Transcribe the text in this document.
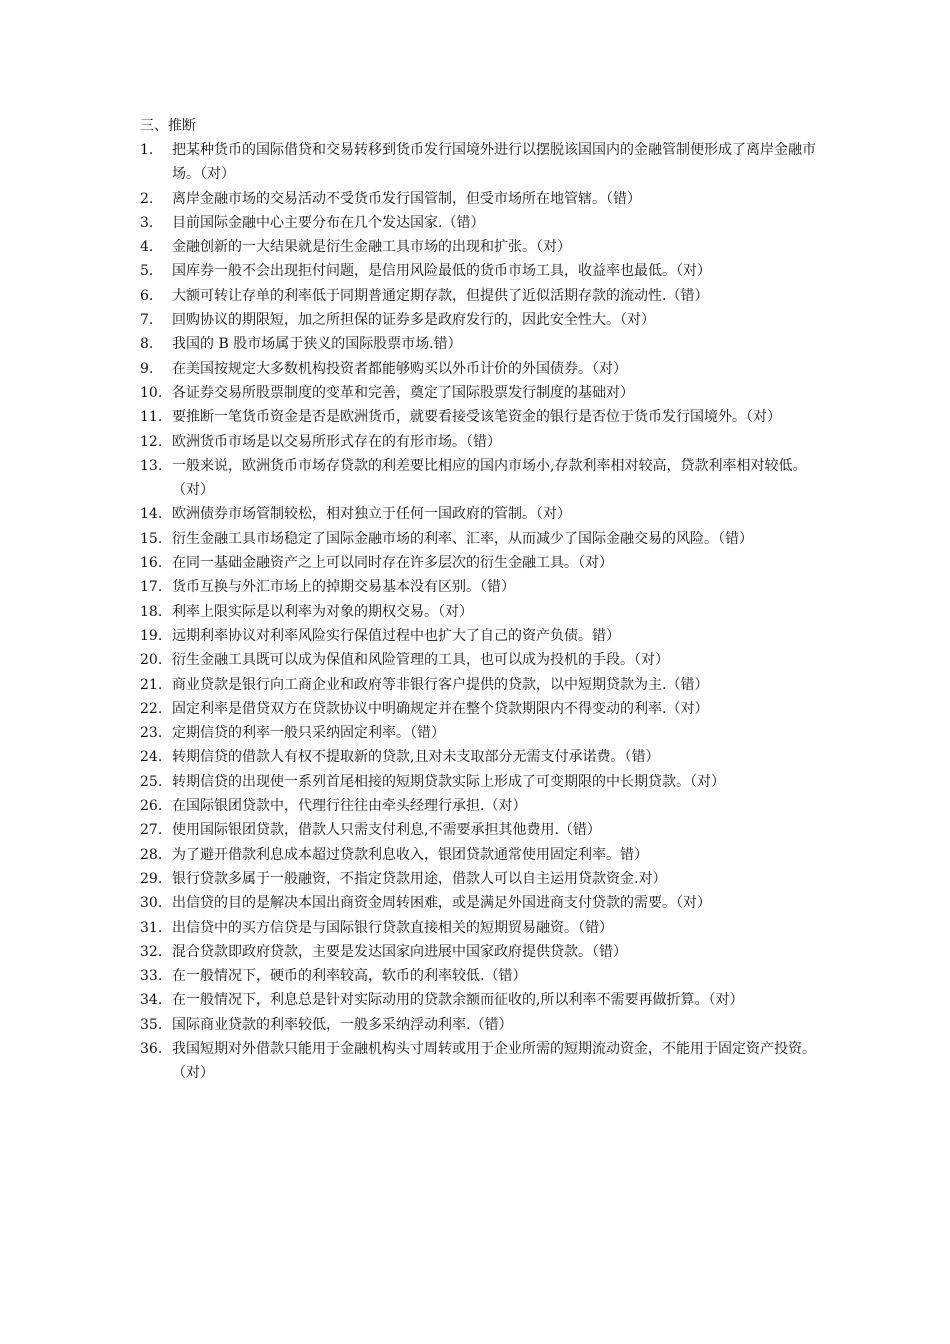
三、推断
1.	把某种货币的国际借贷和交易转移到货币发行国境外进行以摆脱该国国内的金融管制便形成了离岸金融市场。（对）
2.	离岸金融市场的交易活动不受货币发行国管制，但受市场所在地管辖。（错）
3.	目前国际金融中心主要分布在几个发达国家.（错）
4.	金融创新的一大结果就是衍生金融工具市场的出现和扩张。（对）
5.	国库券一般不会出现拒付问题，是信用风险最低的货币市场工具，收益率也最低。（对）
6.	大额可转让存单的利率低于同期普通定期存款，但提供了近似活期存款的流动性.（错）
7.	回购协议的期限短，加之所担保的证券多是政府发行的，因此安全性大。（对）
8.	我国的 B 股市场属于狭义的国际股票市场.错）
9.	在美国按规定大多数机构投资者都能够购买以外币计价的外国债券。（对）
10. 各证券交易所股票制度的变革和完善，奠定了国际股票发行制度的基础对）
11. 要推断一笔货币资金是否是欧洲货币，就要看接受该笔资金的银行是否位于货币发行国境外。（对）
12. 欧洲货币市场是以交易所形式存在的有形市场。（错）
13. 一般来说，欧洲货币市场存贷款的利差要比相应的国内市场小,存款利率相对较高，贷款利率相对较低。（对）
14. 欧洲债券市场管制较松，相对独立于任何一国政府的管制。（对）
15. 衍生金融工具市场稳定了国际金融市场的利率、汇率，从而减少了国际金融交易的风险。（错）
16. 在同一基础金融资产之上可以同时存在许多层次的衍生金融工具。（对）
17. 货币互换与外汇市场上的掉期交易基本没有区别。（错）
18. 利率上限实际是以利率为对象的期权交易。（对）
19. 远期利率协议对利率风险实行保值过程中也扩大了自己的资产负债。错）
20. 衍生金融工具既可以成为保值和风险管理的工具，也可以成为投机的手段。（对）
21. 商业贷款是银行向工商企业和政府等非银行客户提供的贷款，以中短期贷款为主.（错）
22. 固定利率是借贷双方在贷款协议中明确规定并在整个贷款期限内不得变动的利率.（对）
23. 定期信贷的利率一般只采纳固定利率。（错）
24. 转期信贷的借款人有权不提取新的贷款,且对未支取部分无需支付承诺费。（错）
25. 转期信贷的出现使一系列首尾相接的短期贷款实际上形成了可变期限的中长期贷款。（对）
26. 在国际银团贷款中，代理行往往由牵头经理行承担.（对）
27. 使用国际银团贷款，借款人只需支付利息,不需要承担其他费用.（错）
28. 为了避开借款利息成本超过贷款利息收入，银团贷款通常使用固定利率。错）
29. 银行贷款多属于一般融资，不指定贷款用途，借款人可以自主运用贷款资金.对）
30. 出信贷的目的是解决本国出商资金周转困难，或是满足外国进商支付贷款的需要。（对）
31. 出信贷中的买方信贷是与国际银行贷款直接相关的短期贸易融资。（错）
32. 混合贷款即政府贷款，主要是发达国家向进展中国家政府提供贷款。（错）
33. 在一般情况下，硬币的利率较高，软币的利率较低.（错）
34. 在一般情况下，利息总是针对实际动用的贷款余额而征收的,所以利率不需要再做折算。（对）
35. 国际商业贷款的利率较低，一般多采纳浮动利率.（错）
36. 我国短期对外借款只能用于金融机构头寸周转或用于企业所需的短期流动资金，不能用于固定资产投资。（对）
